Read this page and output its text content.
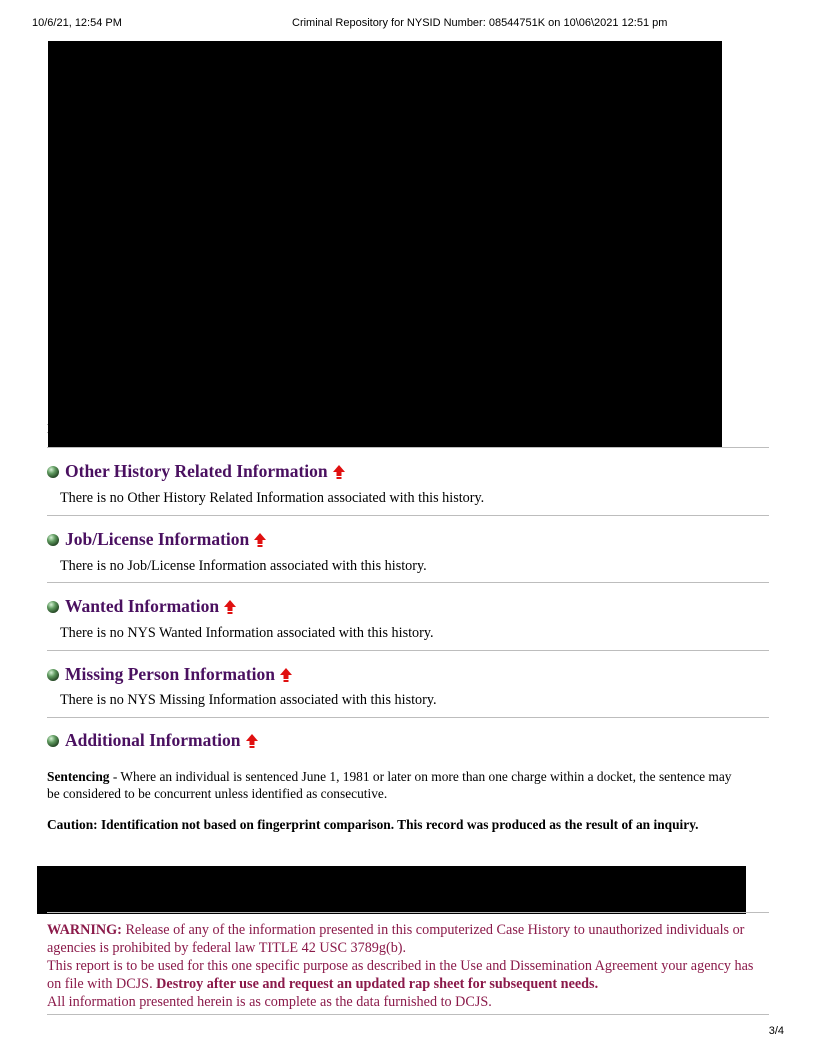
10/6/21, 12:54 PM	Criminal Repository for NYSID Number: 08544751K on 10\06\2021 12:51 pm
I
Other History Related Information
There is no Other History Related Information associated with this history.
Job/License Information
There is no Job/License Information associated with this history.
Wanted Information
There is no NYS Wanted Information associated with this history.
Missing Person Information
There is no NYS Missing Information associated with this history.
Additional Information
Sentencing - Where an individual is sentenced June 1, 1981 or later on more than one charge within a docket, the sentence may be considered to be concurrent unless identified as consecutive.
Caution: Identification not based on fingerprint comparison. This record was produced as the result of an inquiry.
WARNING: Release of any of the information presented in this computerized Case History to unauthorized individuals or agencies is prohibited by federal law TITLE 42 USC 3789g(b).
This report is to be used for this one specific purpose as described in the Use and Dissemination Agreement your agency has on file with DCJS. Destroy after use and request an updated rap sheet for subsequent needs.
All information presented herein is as complete as the data furnished to DCJS.
3/4
